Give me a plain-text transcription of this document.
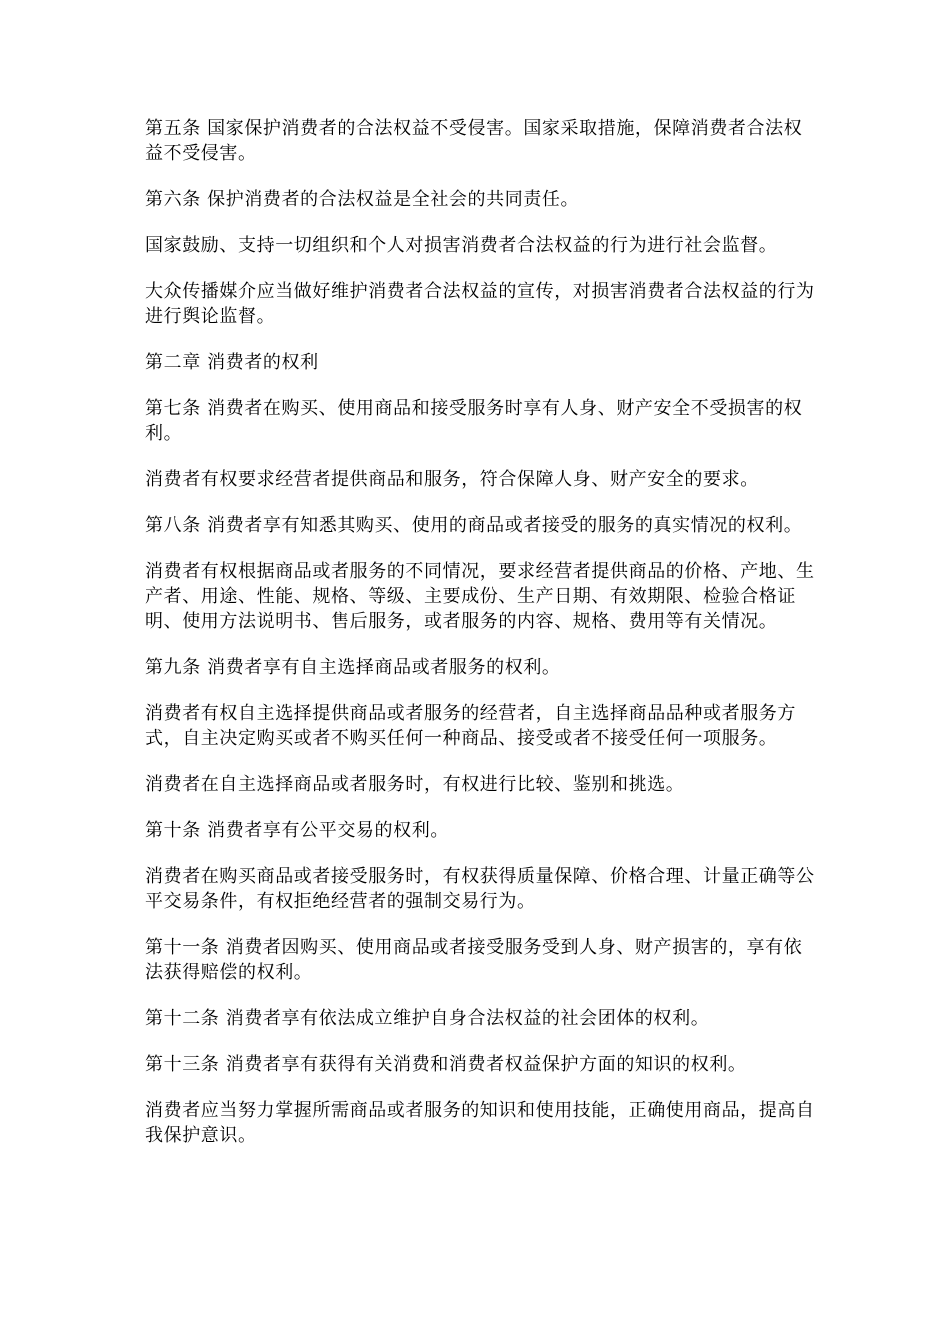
第五条 国家保护消费者的合法权益不受侵害。国家采取措施，保障消费者合法权益不受侵害。

第六条 保护消费者的合法权益是全社会的共同责任。

国家鼓励、支持一切组织和个人对损害消费者合法权益的行为进行社会监督。

大众传播媒介应当做好维护消费者合法权益的宣传，对损害消费者合法权益的行为进行舆论监督。

第二章 消费者的权利

第七条 消费者在购买、使用商品和接受服务时享有人身、财产安全不受损害的权利。

消费者有权要求经营者提供商品和服务，符合保障人身、财产安全的要求。

第八条 消费者享有知悉其购买、使用的商品或者接受的服务的真实情况的权利。

消费者有权根据商品或者服务的不同情况，要求经营者提供商品的价格、产地、生产者、用途、性能、规格、等级、主要成份、生产日期、有效期限、检验合格证明、使用方法说明书、售后服务，或者服务的内容、规格、费用等有关情况。

第九条 消费者享有自主选择商品或者服务的权利。

消费者有权自主选择提供商品或者服务的经营者，自主选择商品品种或者服务方式，自主决定购买或者不购买任何一种商品、接受或者不接受任何一项服务。

消费者在自主选择商品或者服务时，有权进行比较、鉴别和挑选。

第十条 消费者享有公平交易的权利。

消费者在购买商品或者接受服务时，有权获得质量保障、价格合理、计量正确等公平交易条件，有权拒绝经营者的强制交易行为。

第十一条 消费者因购买、使用商品或者接受服务受到人身、财产损害的，享有依法获得赔偿的权利。

第十二条 消费者享有依法成立维护自身合法权益的社会团体的权利。

第十三条 消费者享有获得有关消费和消费者权益保护方面的知识的权利。

消费者应当努力掌握所需商品或者服务的知识和使用技能，正确使用商品，提高自我保护意识。
